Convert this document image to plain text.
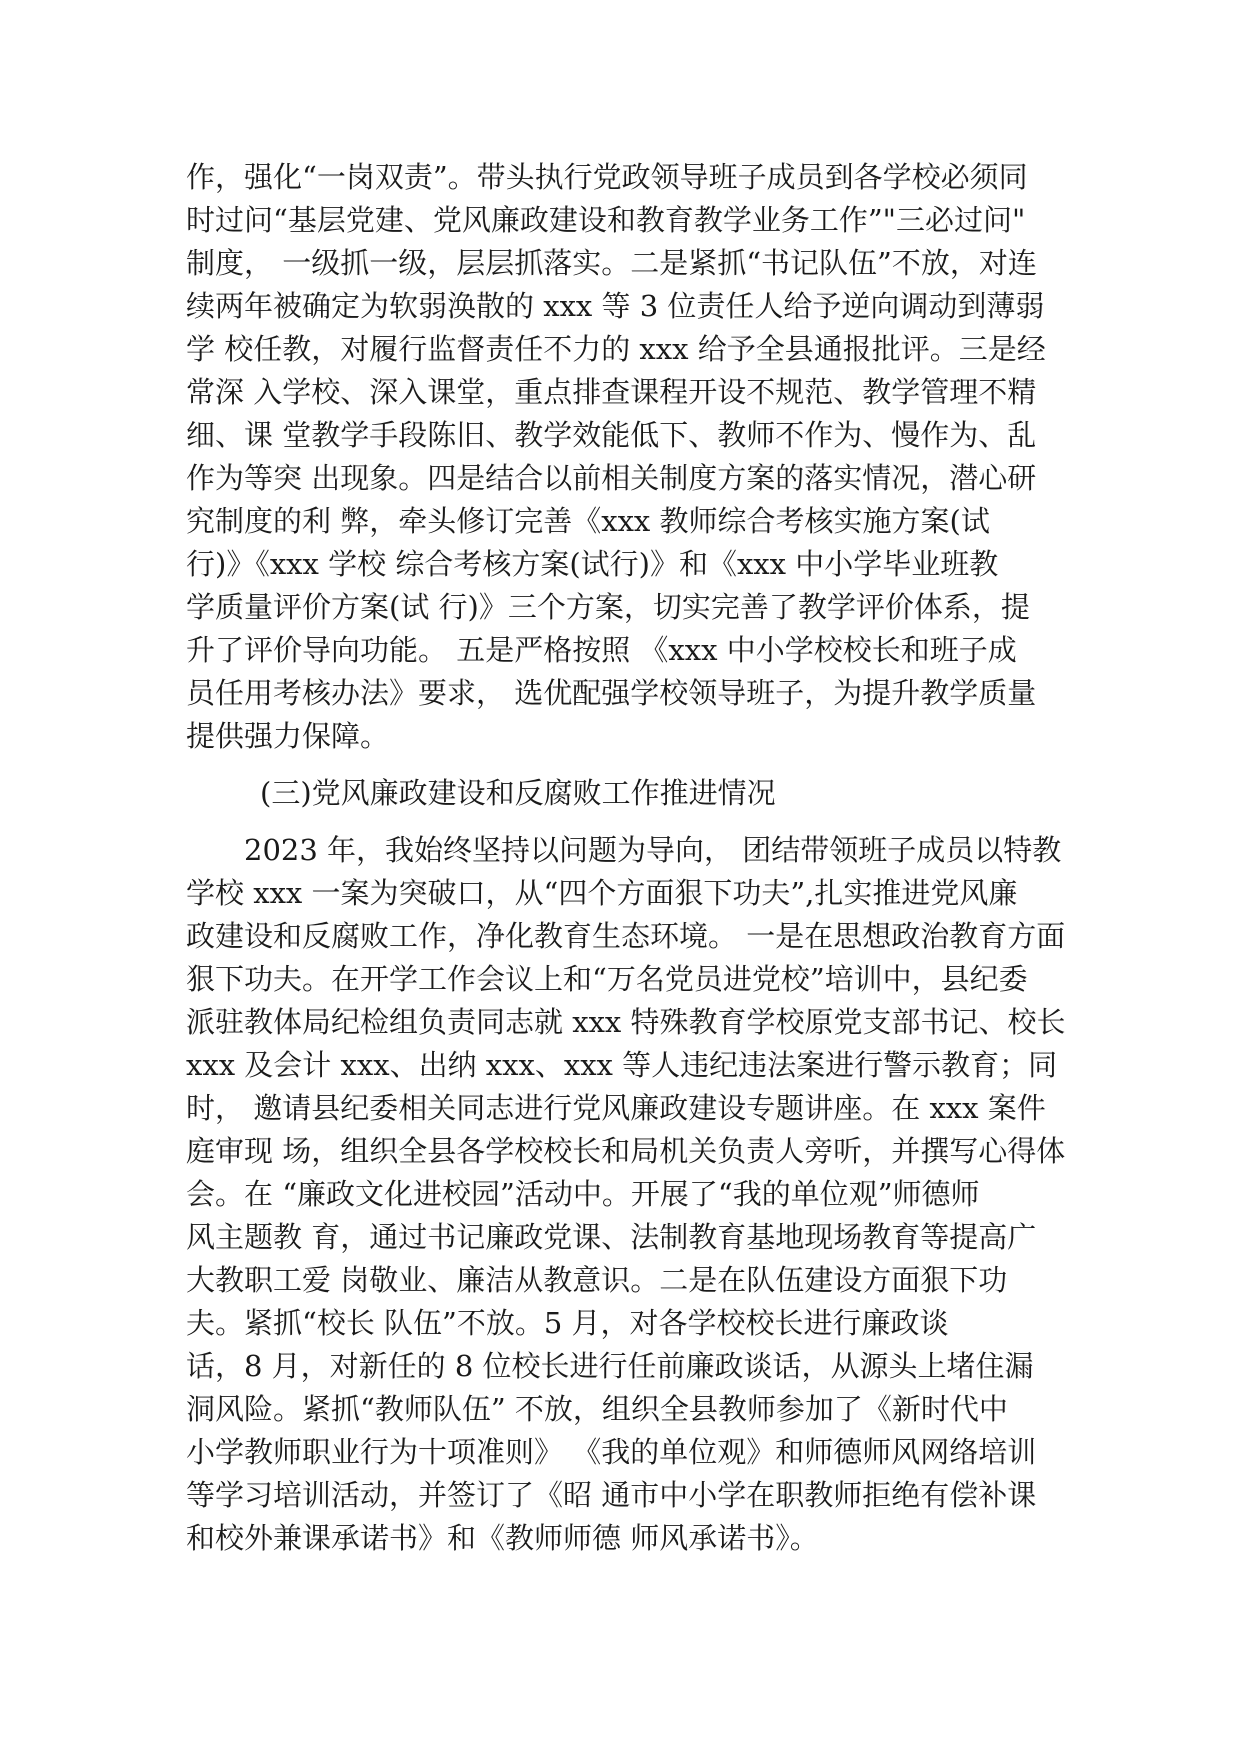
作，强化“一岗双责”。带头执行党政领导班子成员到各学校必须同
时过问“基层党建、党风廉政建设和教育教学业务工作”"三必过问"
制度， 一级抓一级，层层抓落实。二是紧抓“书记队伍”不放，对连
续两年被确定为软弱涣散的 xxx 等 3 位责任人给予逆向调动到薄弱
学 校任教，对履行监督责任不力的 xxx 给予全县通报批评。三是经
常深 入学校、深入课堂，重点排查课程开设不规范、教学管理不精
细、课 堂教学手段陈旧、教学效能低下、教师不作为、慢作为、乱
作为等突 出现象。四是结合以前相关制度方案的落实情况，潜心研
究制度的利 弊，牵头修订完善《xxx 教师综合考核实施方案(试
行)》《xxx 学校 综合考核方案(试行)》和《xxx 中小学毕业班教
学质量评价方案(试 行)》三个方案，切实完善了教学评价体系，提
升了评价导向功能。 五是严格按照 《xxx 中小学校校长和班子成
员任用考核办法》要求， 选优配强学校领导班子，为提升教学质量
提供强力保障。
(三)党风廉政建设和反腐败工作推进情况
2023 年，我始终坚持以问题为导向， 团结带领班子成员以特教
学校 xxx 一案为突破口，从“四个方面狠下功夫”,扎实推进党风廉
政建设和反腐败工作，净化教育生态环境。 一是在思想政治教育方面
狠下功夫。在开学工作会议上和“万名党员进党校”培训中，县纪委
派驻教体局纪检组负责同志就 xxx 特殊教育学校原党支部书记、校长
xxx 及会计 xxx、出纳 xxx、xxx 等人违纪违法案进行警示教育；同
时， 邀请县纪委相关同志进行党风廉政建设专题讲座。在 xxx 案件
庭审现 场，组织全县各学校校长和局机关负责人旁听，并撰写心得体
会。在 “廉政文化进校园”活动中。开展了“我的单位观”师德师
风主题教 育，通过书记廉政党课、法制教育基地现场教育等提高广
大教职工爱 岗敬业、廉洁从教意识。二是在队伍建设方面狠下功
夫。紧抓“校长 队伍”不放。5 月，对各学校校长进行廉政谈
话，8 月，对新任的 8 位校长进行任前廉政谈话，从源头上堵住漏
洞风险。紧抓“教师队伍” 不放，组织全县教师参加了《新时代中
小学教师职业行为十项准则》 《我的单位观》和师德师风网络培训
等学习培训活动，并签订了《昭 通市中小学在职教师拒绝有偿补课
和校外兼课承诺书》和《教师师德 师风承诺书》。
